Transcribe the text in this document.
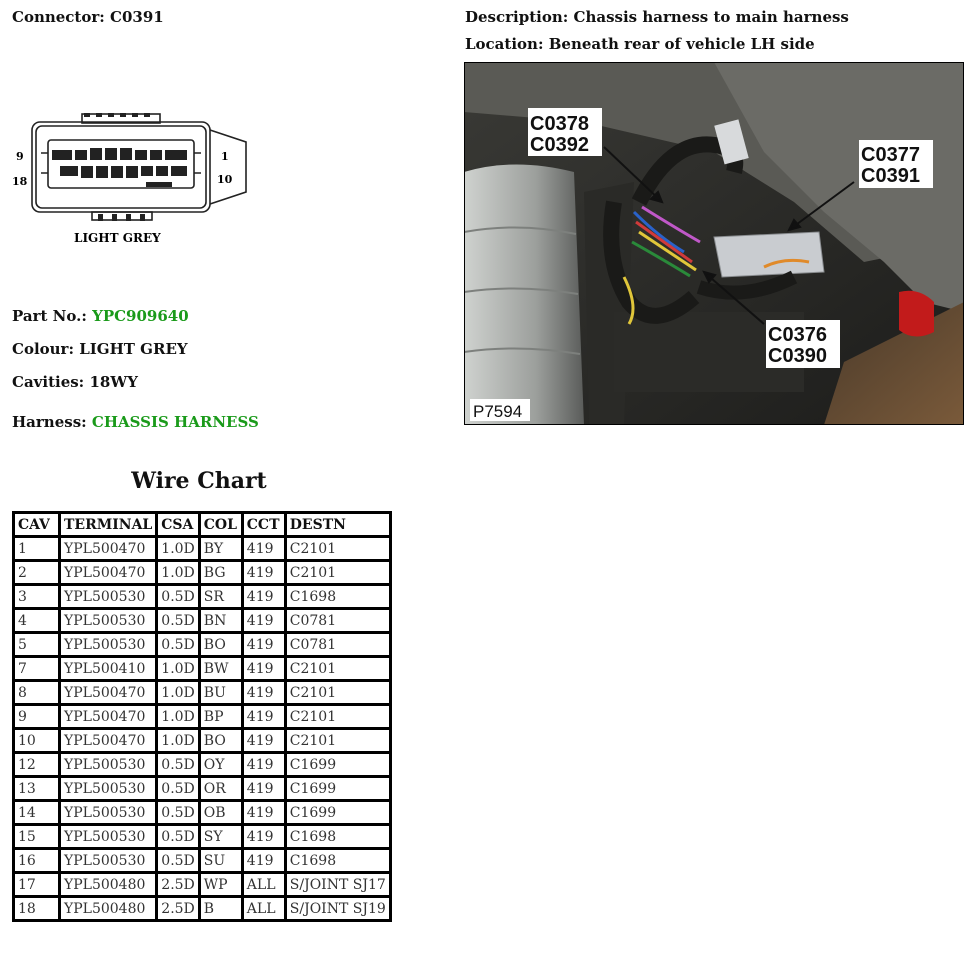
Connector: C0391	Description: Chassis harness to main harness
Location: Beneath rear of vehicle LH side
9
18
1
10
LIGHT GREY
Part No.: YPC909640
Colour: LIGHT GREY
Cavities: 18WY
Harness: CHASSIS HARNESS
C0378
C0392	C0377
C0391
C0376
C0390
P7594
Wire Chart
CAV	TERMINAL	CSA	COL	CCT	DESTN
1	YPL500470	1.0D	BY	419	C2101
2	YPL500470	1.0D	BG	419	C2101
3	YPL500530	0.5D	SR	419	C1698
4	YPL500530	0.5D	BN	419	C0781
5	YPL500530	0.5D	BO	419	C0781
7	YPL500410	1.0D	BW	419	C2101
8	YPL500470	1.0D	BU	419	C2101
9	YPL500470	1.0D	BP	419	C2101
10	YPL500470	1.0D	BO	419	C2101
12	YPL500530	0.5D	OY	419	C1699
13	YPL500530	0.5D	OR	419	C1699
14	YPL500530	0.5D	OB	419	C1699
15	YPL500530	0.5D	SY	419	C1698
16	YPL500530	0.5D	SU	419	C1698
17	YPL500480	2.5D	WP	ALL	S/JOINT SJ17
18	YPL500480	2.5D	B	ALL	S/JOINT SJ19
